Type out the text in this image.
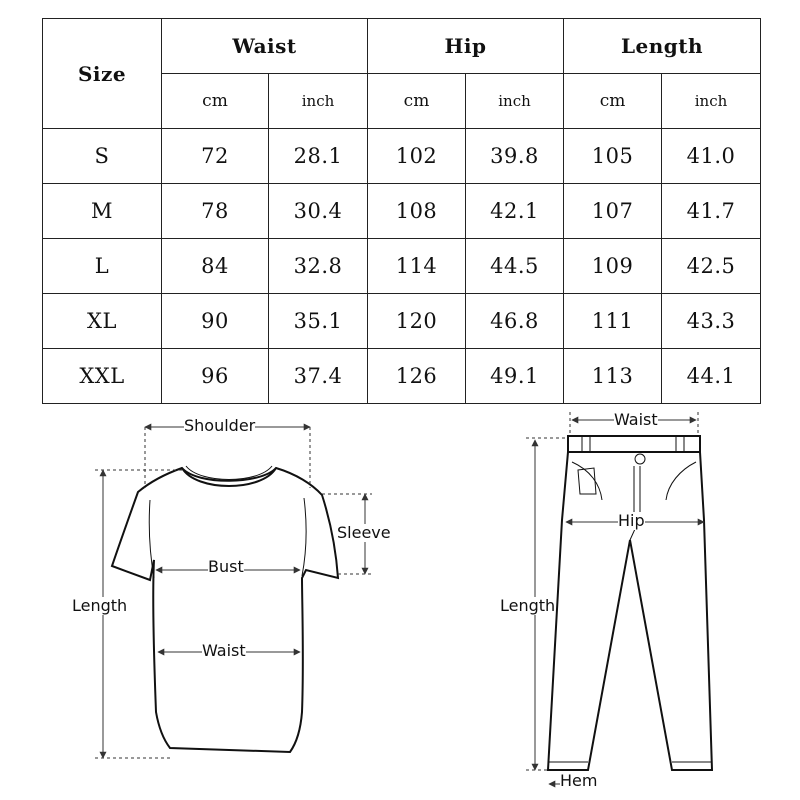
Size	Waist		Hip		Length	
	cm	inch	cm	inch	cm	inch
S	72	28.1	102	39.8	105	41.0
M	78	30.4	108	42.1	107	41.7
L	84	32.8	114	44.5	109	42.5
XL	90	35.1	120	46.8	111	43.3
XXL	96	37.4	126	49.1	113	44.1
Shoulder
Sleeve
Bust
Length
Waist
Waist
Hip
Length
Hem
